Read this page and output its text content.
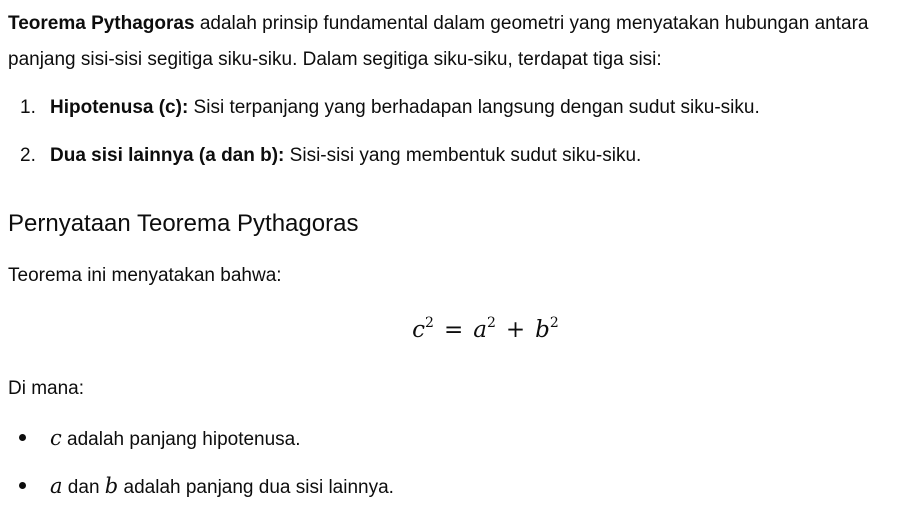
Teorema Pythagoras adalah prinsip fundamental dalam geometri yang menyatakan hubungan antara panjang sisi-sisi segitiga siku-siku. Dalam segitiga siku-siku, terdapat tiga sisi:

1. Hipotenusa (c): Sisi terpanjang yang berhadapan langsung dengan sudut siku-siku.
2. Dua sisi lainnya (a dan b): Sisi-sisi yang membentuk sudut siku-siku.
Pernyataan Teorema Pythagoras

Teorema ini menyatakan bahwa:

$c^2 = a^2 + b^2$

Di mana:

c adalah panjang hipotenusa.
a dan b adalah panjang dua sisi lainnya.
